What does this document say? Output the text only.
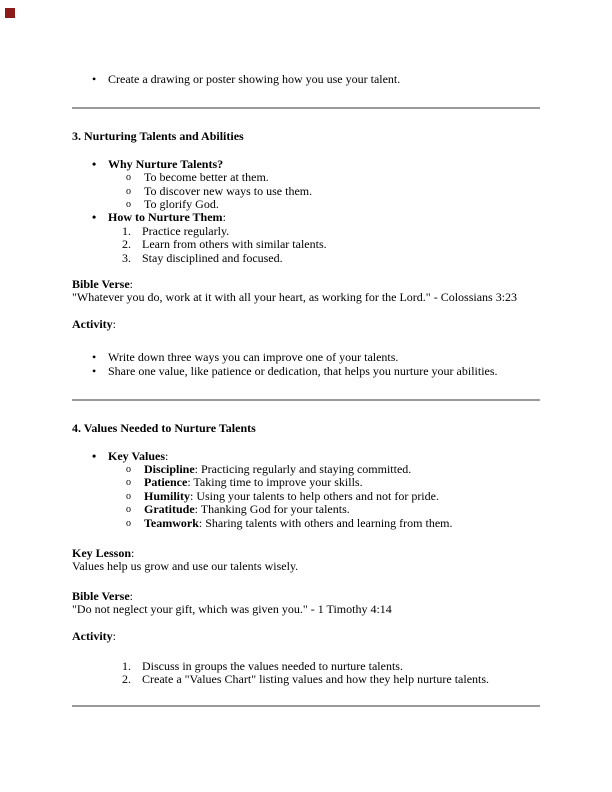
• Create a drawing or poster showing how you use your talent.
3. Nurturing Talents and Abilities
• Why Nurture Talents?
o	To become better at them.
o	To discover new ways to use them.
o	To glorify God.
• How to Nurture Them:
1. Practice regularly.
2. Learn from others with similar talents.
3. Stay disciplined and focused.
Bible Verse:
"Whatever you do, work at it with all your heart, as working for the Lord." - Colossians 3:23
Activity:
• Write down three ways you can improve one of your talents.
• Share one value, like patience or dedication, that helps you nurture your abilities.
4. Values Needed to Nurture Talents
• Key Values:
o	Discipline: Practicing regularly and staying committed.
o	Patience: Taking time to improve your skills.
o	Humility: Using your talents to help others and not for pride.
o	Gratitude: Thanking God for your talents.
o	Teamwork: Sharing talents with others and learning from them.
Key Lesson:
Values help us grow and use our talents wisely.
Bible Verse:
"Do not neglect your gift, which was given you." - 1 Timothy 4:14
Activity:
1. Discuss in groups the values needed to nurture talents.
2. Create a "Values Chart" listing values and how they help nurture talents.
